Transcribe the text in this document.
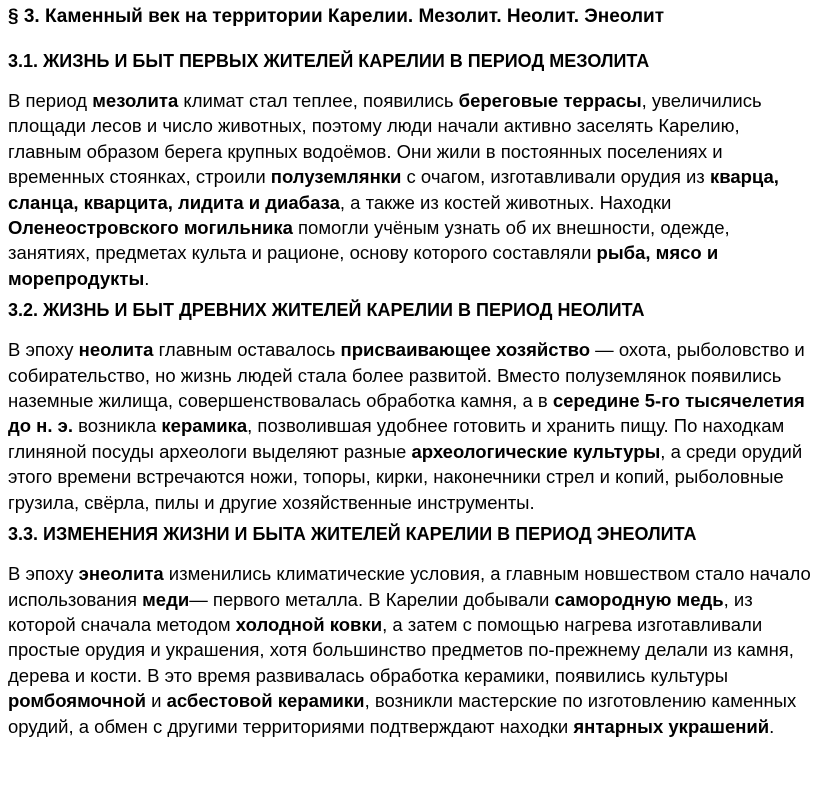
§ 3. Каменный век на территории Карелии. Мезолит. Неолит. Энеолит
3.1. ЖИЗНЬ И БЫТ ПЕРВЫХ ЖИТЕЛЕЙ КАРЕЛИИ В ПЕРИОД МЕЗОЛИТА

В период мезолита климат стал теплее, появились береговые террасы, увеличились площади лесов и число животных, поэтому люди начали активно заселять Карелию, главным образом берега крупных водоёмов. Они жили в постоянных поселениях и временных стоянках, строили полуземлянки с очагом, изготавливали орудия из кварца, сланца, кварцита, лидита и диабаза, а также из костей животных. Находки Оленеостровского могильника помогли учёным узнать об их внешности, одежде, занятиях, предметах культа и рационе, основу которого составляли рыба, мясо и морепродукты.

3.2. ЖИЗНЬ И БЫТ ДРЕВНИХ ЖИТЕЛЕЙ КАРЕЛИИ В ПЕРИОД НЕОЛИТА

В эпоху неолита главным оставалось присваивающее хозяйство — охота, рыболовство и собирательство, но жизнь людей стала более развитой. Вместо полуземлянок появились наземные жилища, совершенствовалась обработка камня, а в середине 5-го тысячелетия до н. э. возникла керамика, позволившая удобнее готовить и хранить пищу. По находкам глиняной посуды археологи выделяют разные археологические культуры, а среди орудий этого времени встречаются ножи, топоры, кирки, наконечники стрел и копий, рыболовные грузила, свёрла, пилы и другие хозяйственные инструменты.

3.3. ИЗМЕНЕНИЯ ЖИЗНИ И БЫТА ЖИТЕЛЕЙ КАРЕЛИИ В ПЕРИОД ЭНЕОЛИТА

В эпоху энеолита изменились климатические условия, а главным новшеством стало начало использования меди— первого металла. В Карелии добывали самородную медь, из которой сначала методом холодной ковки, а затем с помощью нагрева изготавливали простые орудия и украшения, хотя большинство предметов по-прежнему делали из камня, дерева и кости. В это время развивалась обработка керамики, появились культуры ромбоямочной и асбестовой керамики, возникли мастерские по изготовлению каменных орудий, а обмен с другими территориями подтверждают находки янтарных украшений.
